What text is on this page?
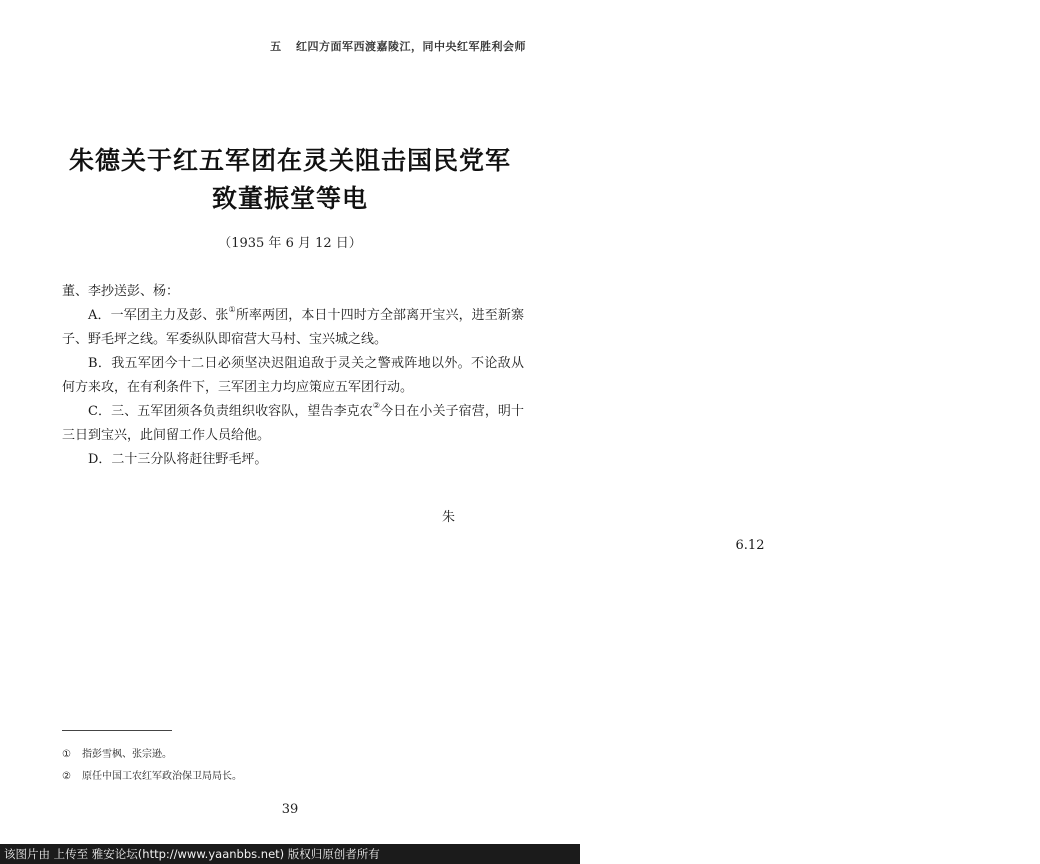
五 红四方面军西渡嘉陵江，同中央红军胜利会师
朱德关于红五军团在灵关阻击国民党军
致董振堂等电
（1935 年 6 月 12 日）

董、李抄送彭、杨：

A．一军团主力及彭、张①所率两团，本日十四时方全部离开宝兴，进至新寨子、野毛坪之线。军委纵队即宿营大马村、宝兴城之线。

B．我五军团今十二日必须坚决迟阻追敌于灵关之警戒阵地以外。不论敌从何方来攻，在有利条件下，三军团主力均应策应五军团行动。

C．三、五军团须各负责组织收容队，望告李克农②今日在小关子宿营，明十三日到宝兴，此间留工作人员给他。

D．二十三分队将赶往野毛坪。

朱
6.12
① 指彭雪枫、张宗逊。
② 原任中国工农红军政治保卫局局长。
39
该图片由 上传至 雅安论坛(http://www.yaanbbs.net) 版权归原创者所有
